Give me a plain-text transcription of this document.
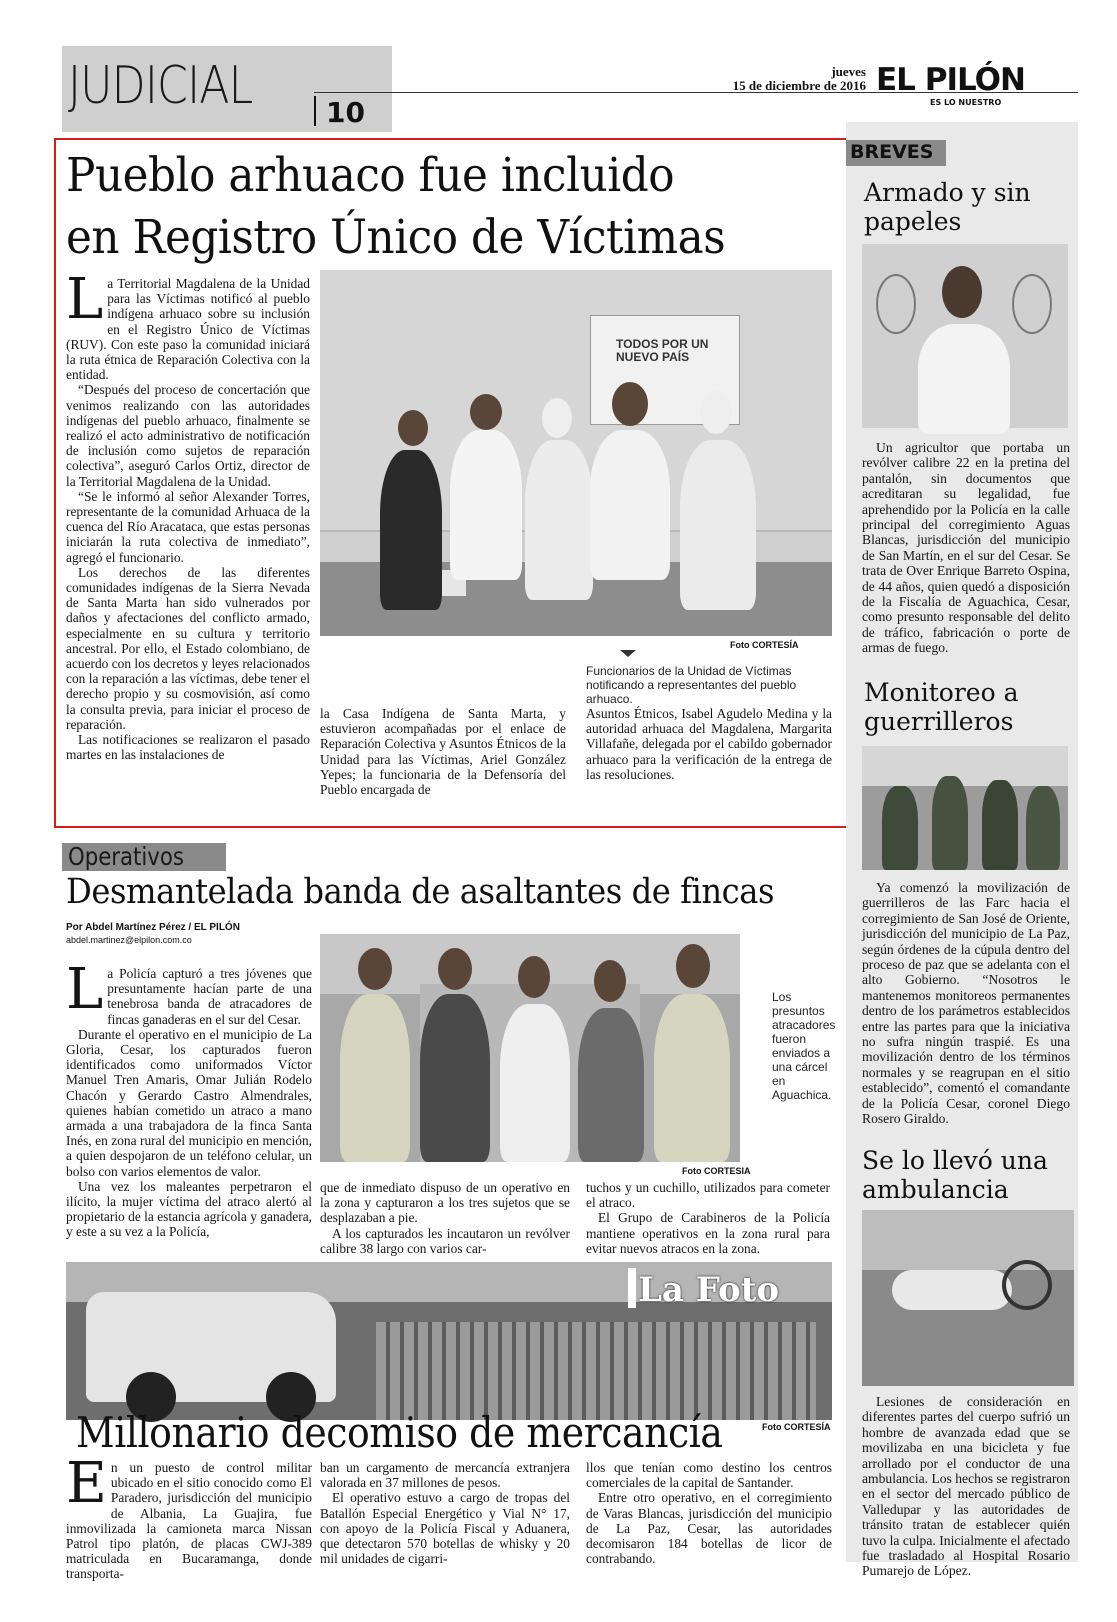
JUDICIAL	10
jueves
15 de diciembre de 2016 EL PILÓN
ES LO NUESTRO
Pueblo arhuaco fue incluido
en Registro Único de Víctimas
L a Territorial Magdalena de la Unidad para las Víctimas notificó al pueblo indígena arhuaco sobre su inclusión en el Registro Único de Víctimas (RUV). Con este paso la comunidad iniciará la ruta étnica de Reparación Colectiva con la entidad.

“Después del proceso de concertación que venimos realizando con las autoridades indígenas del pueblo arhuaco, finalmente se realizó el acto administrativo de notificación de inclusión como sujetos de reparación colectiva”, aseguró Carlos Ortiz, director de la Territorial Magdalena de la Unidad.

“Se le informó al señor Alexander Torres, representante de la comunidad Arhuaca de la cuenca del Río Aracataca, que estas personas iniciarán la ruta colectiva de inmediato”, agregó el funcionario.

Los derechos de las diferentes comunidades indígenas de la Sierra Nevada de Santa Marta han sido vulnerados por daños y afectaciones del conflicto armado, especialmente en su cultura y territorio ancestral. Por ello, el Estado colombiano, de acuerdo con los decretos y leyes relacionados con la reparación a las víctimas, debe tener el derecho propio y su cosmovisión, así como la consulta previa, para iniciar el proceso de reparación.

Las notificaciones se realizaron el pasado martes en las instalaciones de

TODOS POR UN NUEVO PAÍS
Foto CORTESÍA
Funcionarios de la Unidad de Víctimas notificando a representantes del pueblo arhuaco.
la Casa Indígena de Santa Marta, y estuvieron acompañadas por el enlace de Reparación Colectiva y Asuntos Étnicos de la Unidad para las Víctimas, Ariel González Yepes; la funcionaria de la Defensoría del Pueblo encargada de
Asuntos Étnicos, Isabel Agudelo Medina y la autoridad arhuaca del Magdalena, Margarita Villafañe, delegada por el cabildo gobernador arhuaco para la verificación de la entrega de las resoluciones.
BREVES
Armado y sin papeles
Un agricultor que portaba un revólver calibre 22 en la pretina del pantalón, sin documentos que acreditaran su legalidad, fue aprehendido por la Policía en la calle principal del corregimiento Aguas Blancas, jurisdicción del municipio de San Martín, en el sur del Cesar. Se trata de Over Enrique Barreto Ospina, de 44 años, quien quedó a disposición de la Fiscalía de Aguachica, Cesar, como presunto responsable del delito de tráfico, fabricación o porte de armas de fuego.
Monitoreo a guerrilleros
Ya comenzó la movilización de guerrilleros de las Farc hacia el corregimiento de San José de Oriente, jurisdicción del municipio de La Paz, según órdenes de la cúpula dentro del proceso de paz que se adelanta con el alto Gobierno. “Nosotros le mantenemos monitoreos permanentes dentro de los parámetros establecidos entre las partes para que la iniciativa no sufra ningún traspié. Es una movilización dentro de los términos normales y se reagrupan en el sitio establecido”, comentó el comandante de la Policía Cesar, coronel Diego Rosero Giraldo.
Se lo llevó una ambulancia
Lesiones de consideración en diferentes partes del cuerpo sufrió un hombre de avanzada edad que se movilizaba en una bicicleta y fue arrollado por el conductor de una ambulancia. Los hechos se registraron en el sector del mercado público de Valledupar y las autoridades de tránsito tratan de establecer quién tuvo la culpa. Inicialmente el afectado fue trasladado al Hospital Rosario Pumarejo de López.
Operativos
Desmantelada banda de asaltantes de fincas
Por Abdel Martínez Pérez / EL PILÓN
abdel.martinez@elpilon.com.co
L a Policía capturó a tres jóvenes que presuntamente hacían parte de una tenebrosa banda de atracadores de fincas ganaderas en el sur del Cesar.

Durante el operativo en el municipio de La Gloria, Cesar, los capturados fueron identificados como uniformados Víctor Manuel Tren Amaris, Omar Julián Rodelo Chacón y Gerardo Castro Almendrales, quienes habían cometido un atraco a mano armada a una trabajadora de la finca Santa Inés, en zona rural del municipio en mención, a quien despojaron de un teléfono celular, un bolso con varios elementos de valor.

Una vez los maleantes perpetraron el ilícito, la mujer víctima del atraco alertó al propietario de la estancia agrícola y ganadera, y este a su vez a la Policía,

Los presuntos atracadores fueron enviados a una cárcel en Aguachica.
Foto CORTESIA

que de inmediato dispuso de un operativo en la zona y capturaron a los tres sujetos que se desplazaban a pie.

A los capturados les incautaron un revólver calibre 38 largo con varios car-

tuchos y un cuchillo, utilizados para cometer el atraco.

El Grupo de Carabineros de la Policía mantiene operativos en la zona rural para evitar nuevos atracos en la zona.

La Foto
Foto CORTESÍA
Millonario decomiso de mercancía
E n un puesto de control militar ubicado en el sitio conocido como El Paradero, jurisdicción del municipio de Albania, La Guajira, fue inmovilizada la camioneta marca Nissan Patrol tipo platón, de placas CWJ-389 matriculada en Bucaramanga, donde transporta-

ban un cargamento de mercancía extranjera valorada en 37 millones de pesos.

El operativo estuvo a cargo de tropas del Batallón Especial Energético y Vial N° 17, con apoyo de la Policía Fiscal y Aduanera, que detectaron 570 botellas de whisky y 20 mil unidades de cigarri-

llos que tenían como destino los centros comerciales de la capital de Santander.

Entre otro operativo, en el corregimiento de Varas Blancas, jurisdicción del municipio de La Paz, Cesar, las autoridades decomisaron 184 botellas de licor de contrabando.
